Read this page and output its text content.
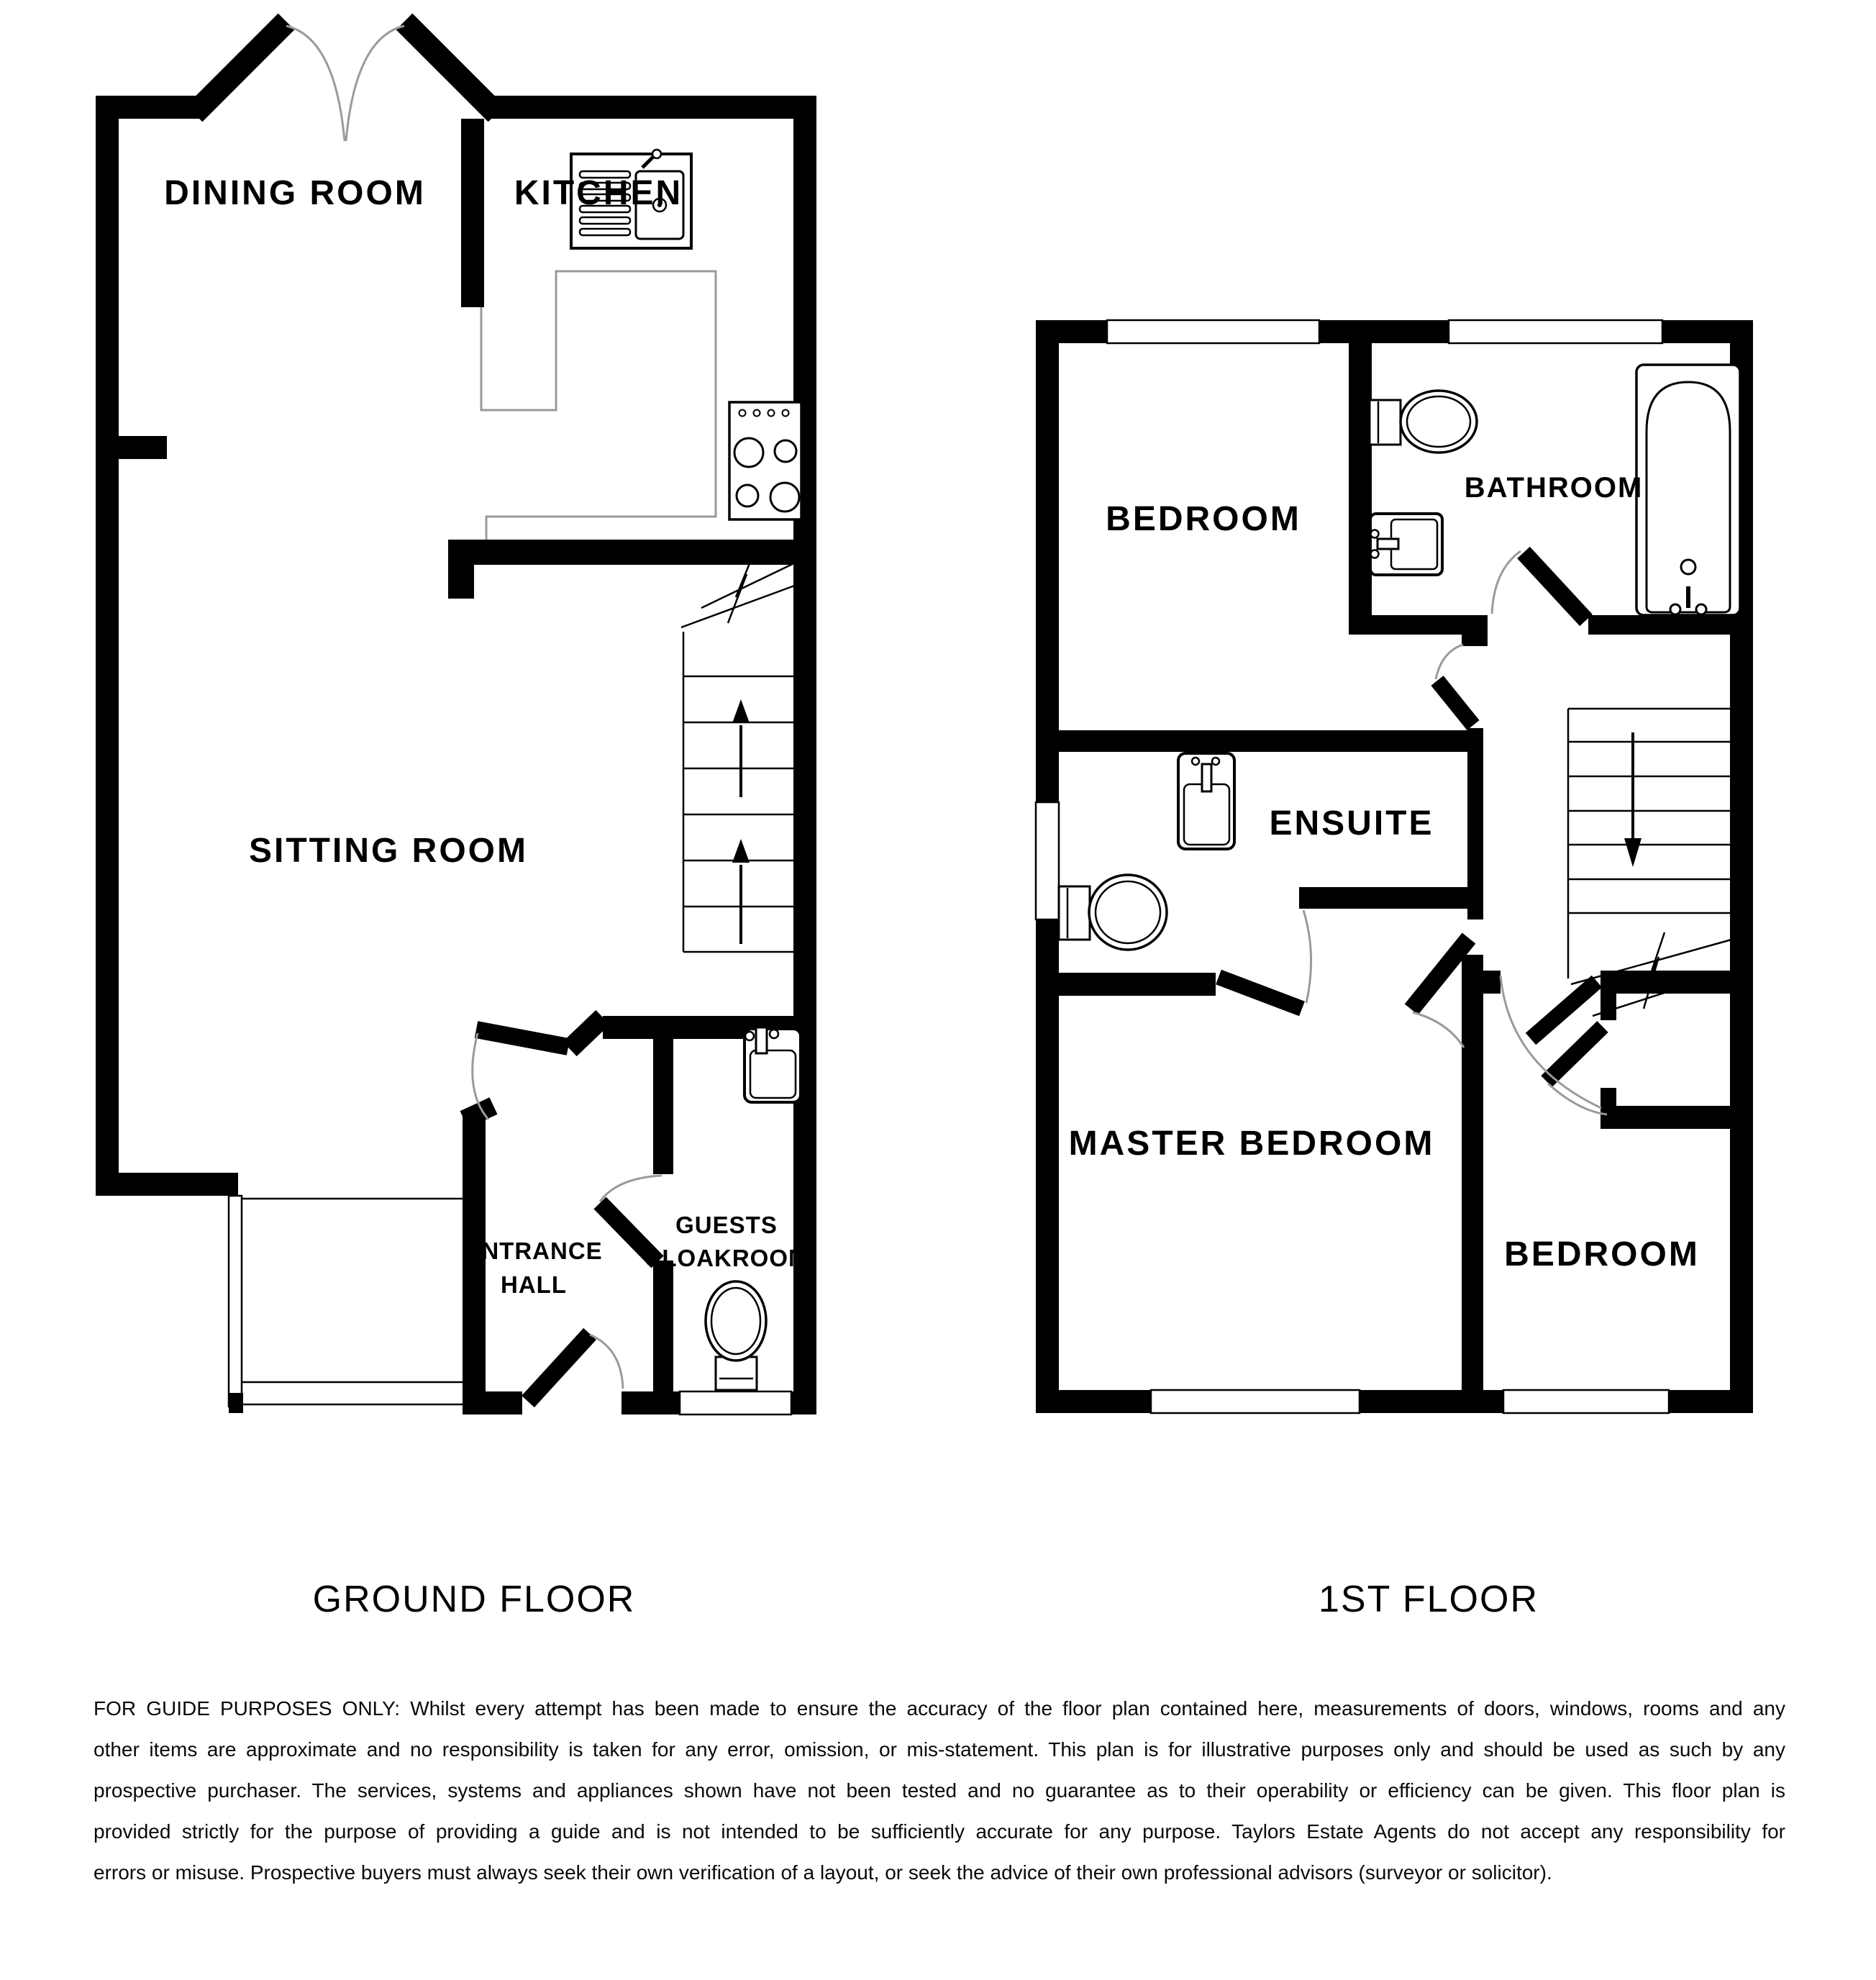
DINING ROOM	KITCHEN
SITTING ROOM
ENTRANCE
HALL
GUESTS
CLOAKROOM
GROUND FLOOR
BEDROOM
BATHROOM
ENSUITE
MASTER BEDROOM
BEDROOM
1ST FLOOR
FOR GUIDE PURPOSES ONLY: Whilst every attempt has been made to ensure the accuracy of the floor plan contained here, measurements of doors, windows, rooms and any
other items are approximate and no responsibility is taken for any error, omission, or mis-statement. This plan is for illustrative purposes only and should be used as such by any
prospective purchaser. The services, systems and appliances shown have not been tested and no guarantee as to their operability or efficiency can be given. This floor plan is
provided strictly for the purpose of providing a guide and is not intended to be sufficiently accurate for any purpose. Taylors Estate Agents do not accept any responsibility for
errors or misuse. Prospective buyers must always seek their own verification of a layout, or seek the advice of their own professional advisors (surveyor or solicitor).
